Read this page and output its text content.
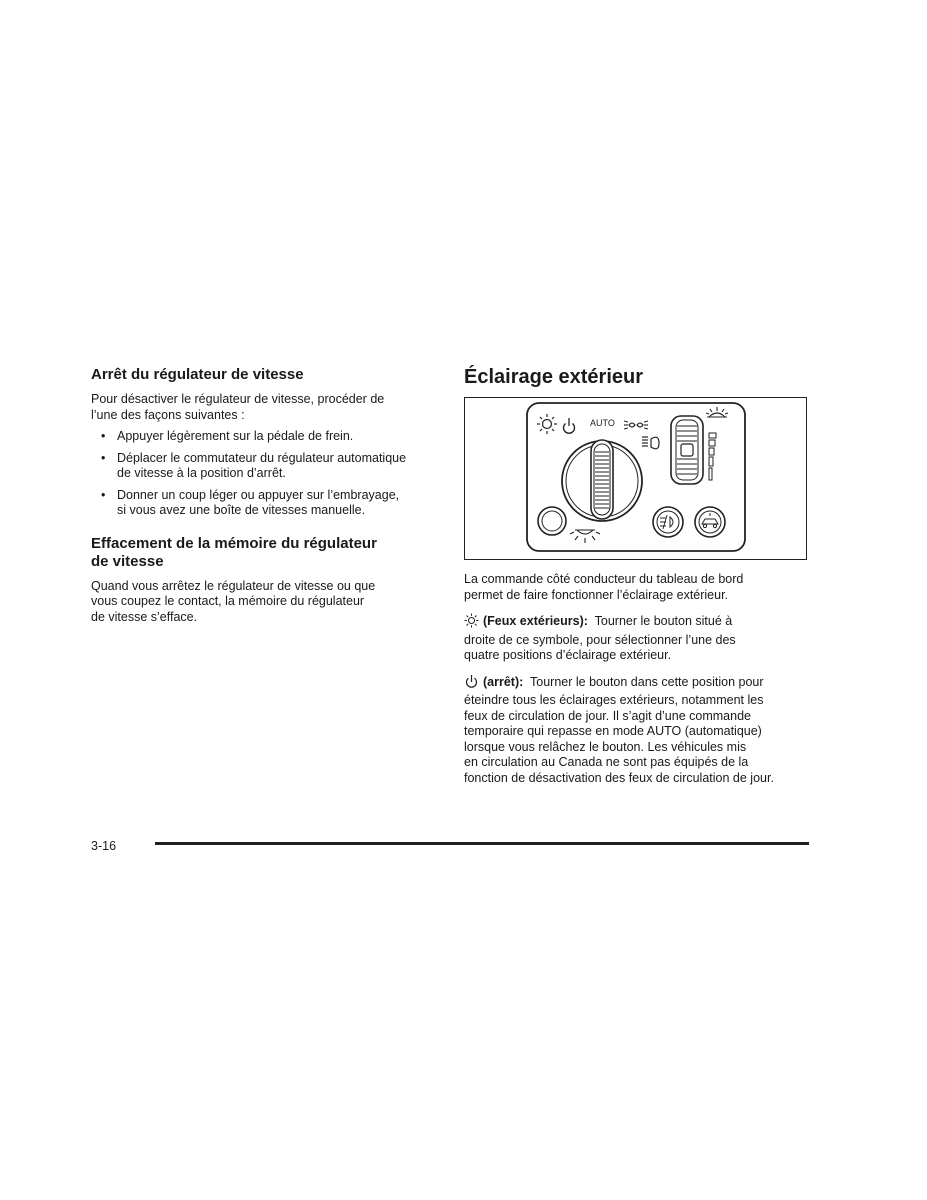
Arrêt du régulateur de vitesse
Pour désactiver le régulateur de vitesse, procéder de
l’une des façons suivantes :
• Appuyer légèrement sur la pédale de frein.
• Déplacer le commutateur du régulateur automatique
de vitesse à la position d’arrêt.
• Donner un coup léger ou appuyer sur l’embrayage,
si vous avez une boîte de vitesses manuelle.
Effacement de la mémoire du régulateur
de vitesse
Quand vous arrêtez le régulateur de vitesse ou que
vous coupez le contact, la mémoire du régulateur
de vitesse s’efface.
Éclairage extérieur
AUTO
La commande côté conducteur du tableau de bord
permet de faire fonctionner l’éclairage extérieur.
(Feux extérieurs): Tourner le bouton situé à
droite de ce symbole, pour sélectionner l’une des
quatre positions d’éclairage extérieur.
(arrêt): Tourner le bouton dans cette position pour
éteindre tous les éclairages extérieurs, notamment les
feux de circulation de jour. Il s’agit d’une commande
temporaire qui repasse en mode AUTO (automatique)
lorsque vous relâchez le bouton. Les véhicules mis
en circulation au Canada ne sont pas équipés de la
fonction de désactivation des feux de circulation de jour.
3-16
